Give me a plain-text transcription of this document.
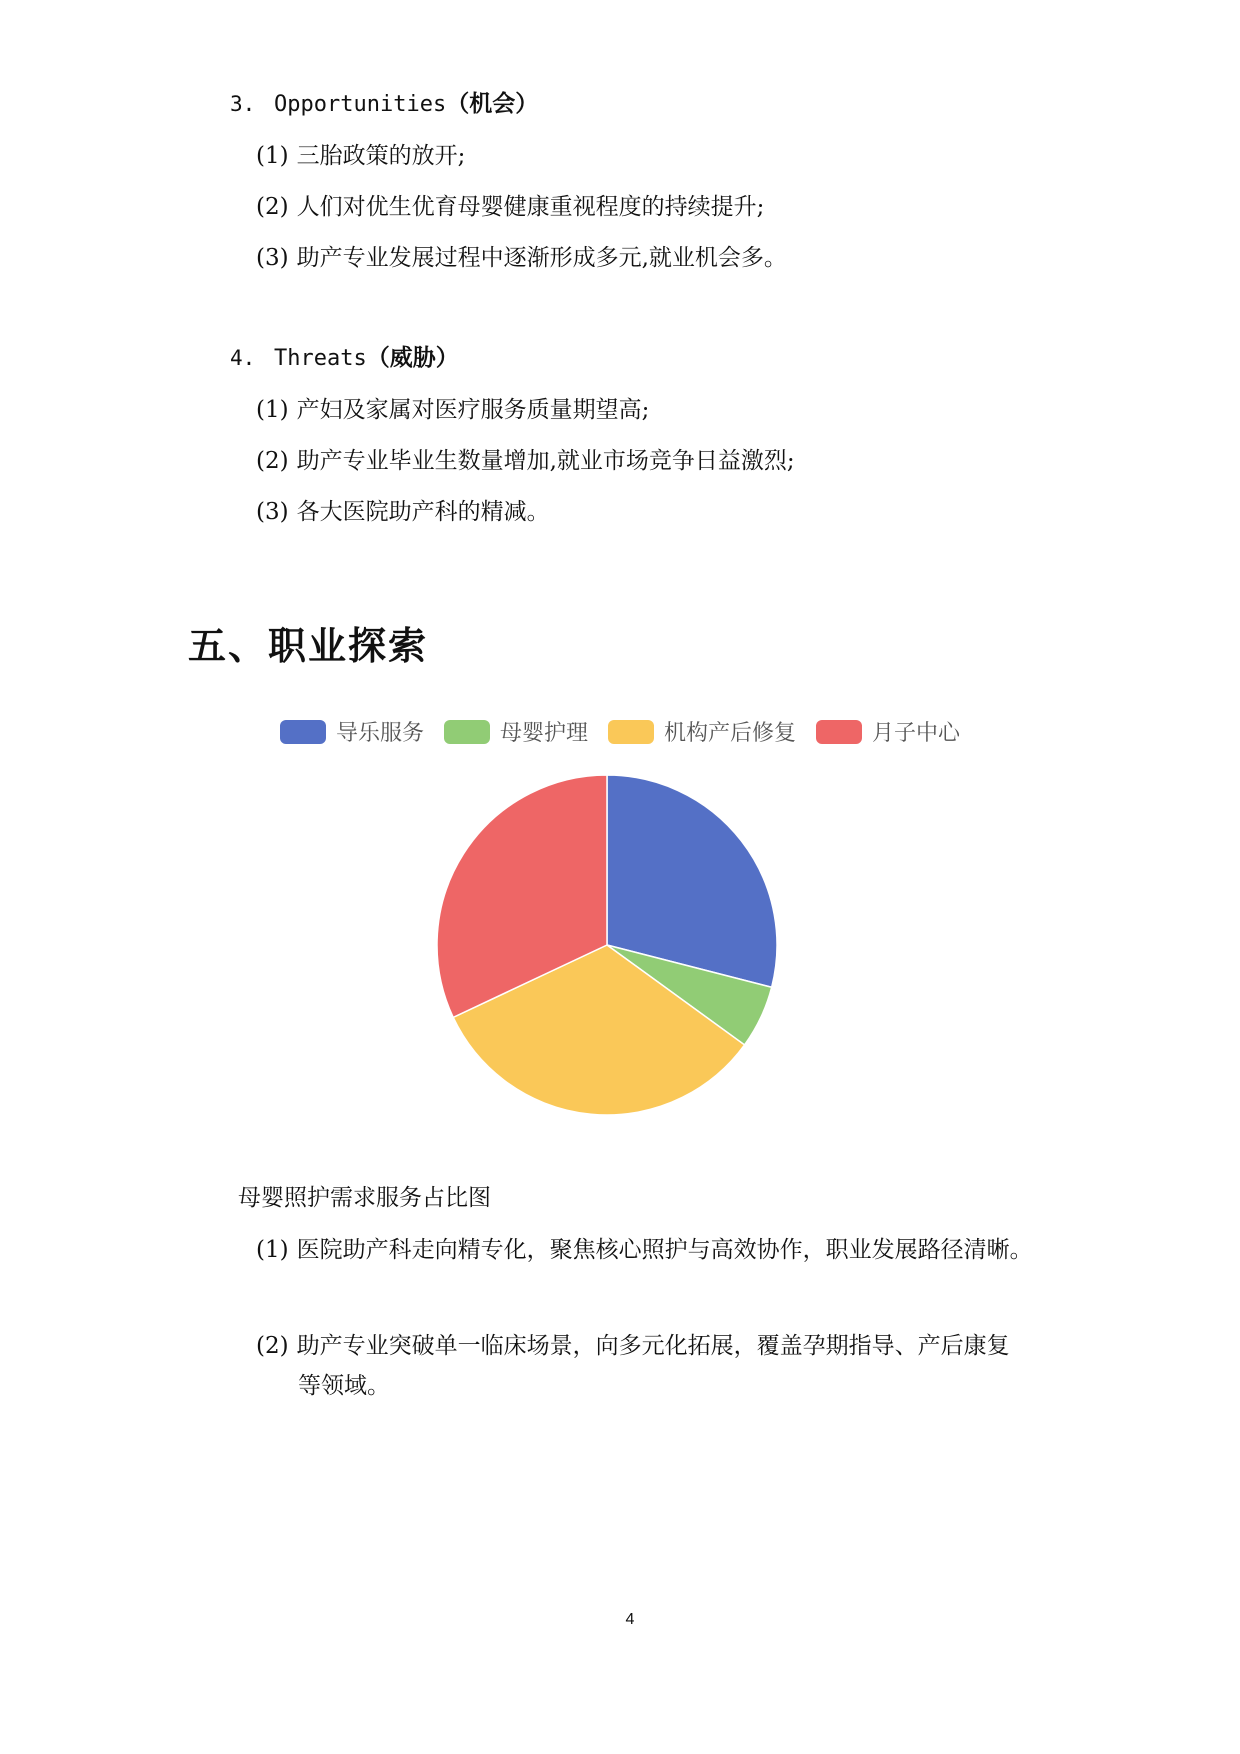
3. Opportunities（机会）
(1) 三胎政策的放开;
(2) 人们对优生优育母婴健康重视程度的持续提升;
(3) 助产专业发展过程中逐渐形成多元,就业机会多。
4. Threats（威胁）
(1) 产妇及家属对医疗服务质量期望高;
(2) 助产专业毕业生数量增加,就业市场竞争日益激烈;
(3) 各大医院助产科的精减。
五、职业探索
导乐服务	母婴护理	机构产后修复	月子中心
母婴照护需求服务占比图
(1) 医院助产科走向精专化，聚焦核心照护与高效协作，职业发展路径清晰。
(2) 助产专业突破单一临床场景，向多元化拓展，覆盖孕期指导、产后康复
等领域。
4
